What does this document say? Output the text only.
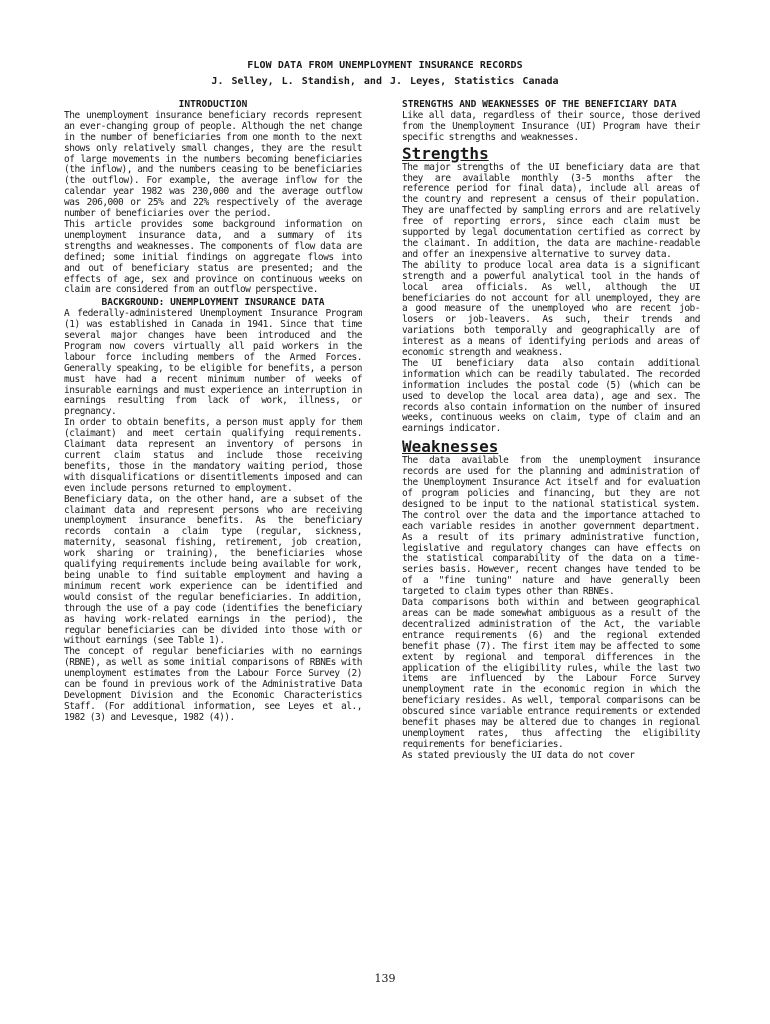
FLOW DATA FROM UNEMPLOYMENT INSURANCE RECORDS
J. Selley, L. Standish, and J. Leyes, Statistics Canada
INTRODUCTION

The unemployment insurance beneficiary records represent an ever-changing group of people. Although the net change in the number of beneficiaries from one month to the next shows only relatively small changes, they are the result of large movements in the numbers becoming beneficiaries (the inflow), and the numbers ceasing to be beneficiaries (the outflow). For example, the average inflow for the calendar year 1982 was 230,000 and the average outflow was 206,000 or 25% and 22% respectively of the average number of beneficiaries over the period.

This article provides some background information on unemployment insurance data, and a summary of its strengths and weaknesses. The components of flow data are defined; some initial findings on aggregate flows into and out of beneficiary status are presented; and the effects of age, sex and province on continuous weeks on claim are considered from an outflow perspective.

BACKGROUND: UNEMPLOYMENT INSURANCE DATA

A federally-administered Unemployment Insurance Program (1) was established in Canada in 1941. Since that time several major changes have been introduced and the Program now covers virtually all paid workers in the labour force including members of the Armed Forces. Generally speaking, to be eligible for benefits, a person must have had a recent minimum number of weeks of insurable earnings and must experience an interruption in earnings resulting from lack of work, illness, or pregnancy.

In order to obtain benefits, a person must apply for them (claimant) and meet certain qualifying requirements. Claimant data represent an inventory of persons in current claim status and include those receiving benefits, those in the mandatory waiting period, those with disqualifications or disentitlements imposed and can even include persons returned to employment.

Beneficiary data, on the other hand, are a subset of the claimant data and represent persons who are receiving unemployment insurance benefits. As the beneficiary records contain a claim type (regular, sickness, maternity, seasonal fishing, retirement, job creation, work sharing or training), the beneficiaries whose qualifying requirements include being available for work, being unable to find suitable employment and having a minimum recent work experience can be identified and would consist of the regular beneficiaries. In addition, through the use of a pay code (identifies the beneficiary as having work-related earnings in the period), the regular beneficiaries can be divided into those with or without earnings (see Table 1).

The concept of regular beneficiaries with no earnings (RBNE), as well as some initial comparisons of RBNEs with unemployment estimates from the Labour Force Survey (2) can be found in previous work of the Administrative Data Development Division and the Economic Characteristics Staff. (For additional information, see Leyes et al., 1982 (3) and Levesque, 1982 (4)).

STRENGTHS AND WEAKNESSES OF THE BENEFICIARY DATA

Like all data, regardless of their source, those derived from the Unemployment Insurance (UI) Program have their specific strengths and weaknesses.

Strengths

The major strengths of the UI beneficiary data are that they are available monthly (3-5 months after the reference period for final data), include all areas of the country and represent a census of their population. They are unaffected by sampling errors and are relatively free of reporting errors, since each claim must be supported by legal documentation certified as correct by the claimant. In addition, the data are machine-readable and offer an inexpensive alternative to survey data.

The ability to produce local area data is a significant strength and a powerful analytical tool in the hands of local area officials. As well, although the UI beneficiaries do not account for all unemployed, they are a good measure of the unemployed who are recent job-losers or job-leavers. As such, their trends and variations both temporally and geographically are of interest as a means of identifying periods and areas of economic strength and weakness.

The UI beneficiary data also contain additional information which can be readily tabulated. The recorded information includes the postal code (5) (which can be used to develop the local area data), age and sex. The records also contain information on the number of insured weeks, continuous weeks on claim, type of claim and an earnings indicator.

Weaknesses

The data available from the unemployment insurance records are used for the planning and administration of the Unemployment Insurance Act itself and for evaluation of program policies and financing, but they are not designed to be input to the national statistical system. The control over the data and the importance attached to each variable resides in another government department. As a result of its primary administrative function, legislative and regulatory changes can have effects on the statistical comparability of the data on a time-series basis. However, recent changes have tended to be of a "fine tuning" nature and have generally been targeted to claim types other than RBNEs.

Data comparisons both within and between geographical areas can be made somewhat ambiguous as a result of the decentralized administration of the Act, the variable entrance requirements (6) and the regional extended benefit phase (7). The first item may be affected to some extent by regional and temporal differences in the application of the eligibility rules, while the last two items are influenced by the Labour Force Survey unemployment rate in the economic region in which the beneficiary resides. As well, temporal comparisons can be obscured since variable entrance requirements or extended benefit phases may be altered due to changes in regional unemployment rates, thus affecting the eligibility requirements for beneficiaries.

As stated previously the UI data do not cover

139
